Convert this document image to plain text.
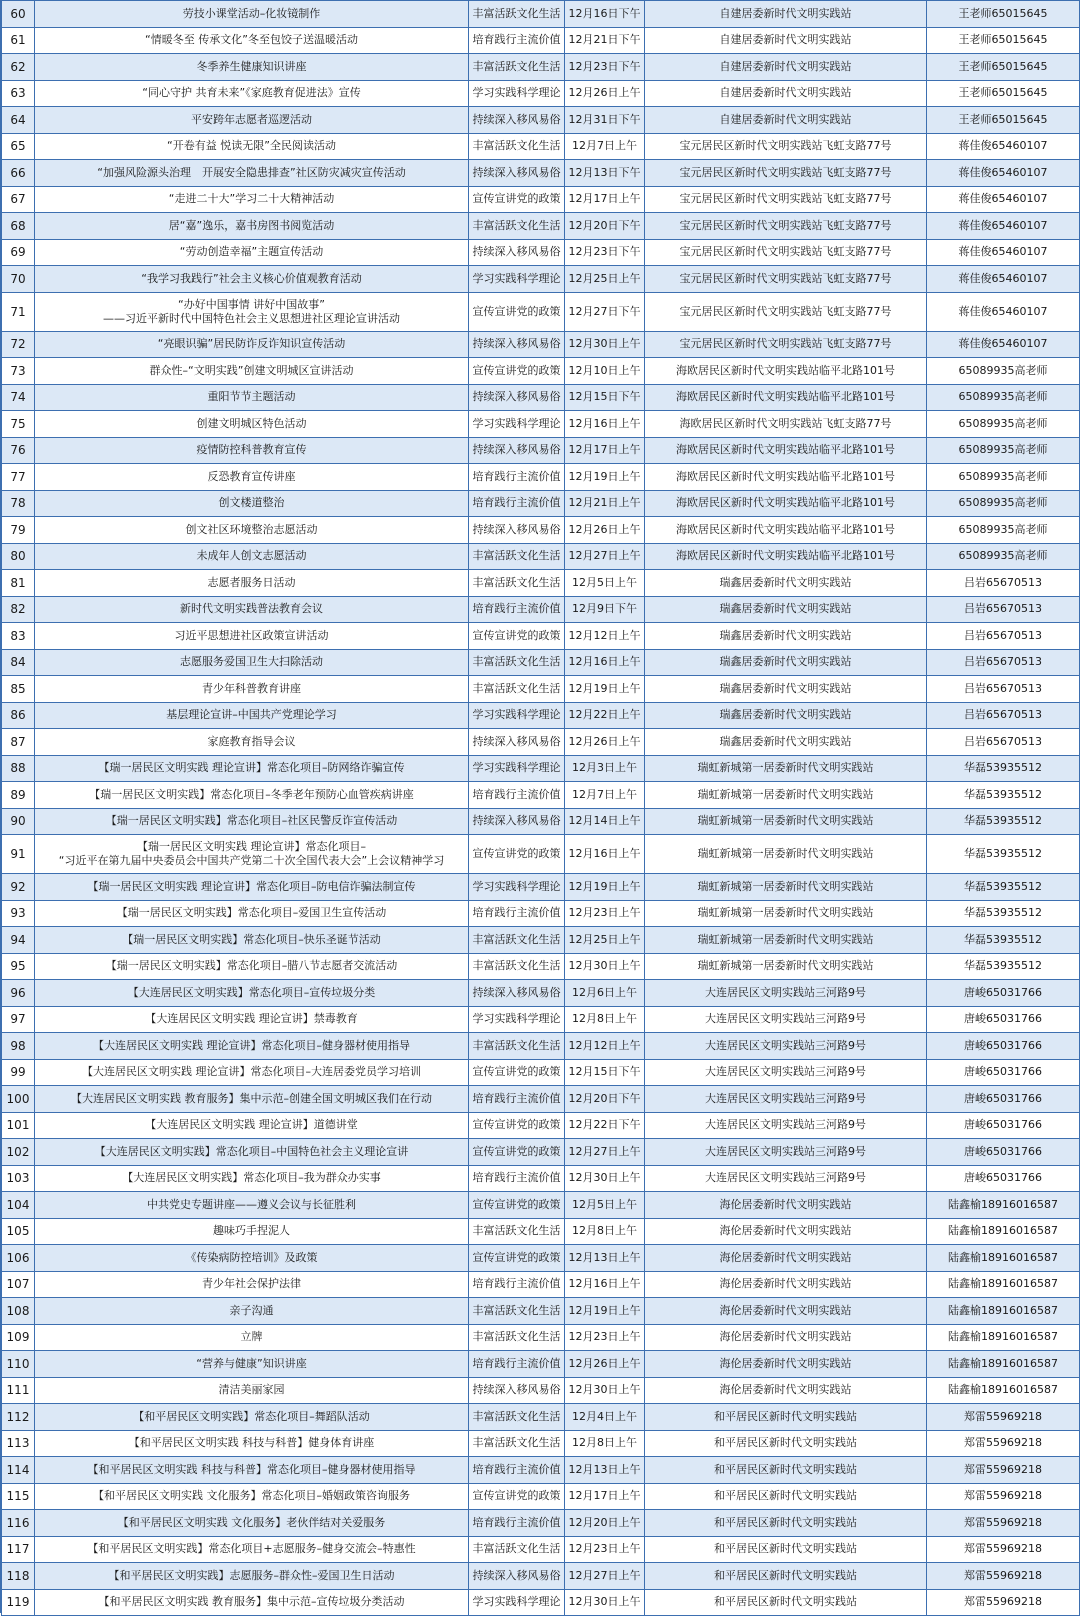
60	劳技小课堂活动–化妆镜制作	丰富活跃文化生活	12月16日下午	自建居委新时代文明实践站	王老师65015645
61	“情暖冬至 传承文化”冬至包饺子送温暖活动	培育践行主流价值	12月21日下午	自建居委新时代文明实践站	王老师65015645
62	冬季养生健康知识讲座	丰富活跃文化生活	12月23日下午	自建居委新时代文明实践站	王老师65015645
63	“同心守护 共育未来”《家庭教育促进法》宣传	学习实践科学理论	12月26日上午	自建居委新时代文明实践站	王老师65015645
64	平安跨年志愿者巡逻活动	持续深入移风易俗	12月31日下午	自建居委新时代文明实践站	王老师65015645
65	“开卷有益 悦读无限”全民阅读活动	丰富活跃文化生活	12月7日上午	宝元居民区新时代文明实践站飞虹支路77号	蒋佳俊65460107
66	“加强风险源头治理　开展安全隐患排查”社区防灾减灾宣传活动	持续深入移风易俗	12月13日下午	宝元居民区新时代文明实践站飞虹支路77号	蒋佳俊65460107
67	“走进二十大”学习二十大精神活动	宣传宣讲党的政策	12月17日上午	宝元居民区新时代文明实践站飞虹支路77号	蒋佳俊65460107
68	居“嘉”逸乐，嘉书房图书阅览活动	丰富活跃文化生活	12月20日下午	宝元居民区新时代文明实践站飞虹支路77号	蒋佳俊65460107
69	“劳动创造幸福”主题宣传活动	持续深入移风易俗	12月23日下午	宝元居民区新时代文明实践站飞虹支路77号	蒋佳俊65460107
70	“我学习我践行”社会主义核心价值观教育活动	学习实践科学理论	12月25日上午	宝元居民区新时代文明实践站飞虹支路77号	蒋佳俊65460107
71	“办好中国事情 讲好中国故事”
——习近平新时代中国特色社会主义思想进社区理论宣讲活动	宣传宣讲党的政策	12月27日下午	宝元居民区新时代文明实践站飞虹支路77号	蒋佳俊65460107
72	“亮眼识骗”居民防诈反诈知识宣传活动	持续深入移风易俗	12月30日上午	宝元居民区新时代文明实践站飞虹支路77号	蒋佳俊65460107
73	群众性–“文明实践”创建文明城区宣讲活动	宣传宣讲党的政策	12月10日上午	海欧居民区新时代文明实践站临平北路101号	65089935高老师
74	重阳节节主题活动	持续深入移风易俗	12月15日下午	海欧居民区新时代文明实践站临平北路101号	65089935高老师
75	创建文明城区特色活动	学习实践科学理论	12月16日上午	海欧居民区新时代文明实践站飞虹支路77号	65089935高老师
76	疫情防控科普教育宣传	持续深入移风易俗	12月17日上午	海欧居民区新时代文明实践站临平北路101号	65089935高老师
77	反恐教育宣传讲座	培育践行主流价值	12月19日上午	海欧居民区新时代文明实践站临平北路101号	65089935高老师
78	创文楼道整治	培育践行主流价值	12月21日上午	海欧居民区新时代文明实践站临平北路101号	65089935高老师
79	创文社区环境整治志愿活动	持续深入移风易俗	12月26日上午	海欧居民区新时代文明实践站临平北路101号	65089935高老师
80	未成年人创文志愿活动	丰富活跃文化生活	12月27日上午	海欧居民区新时代文明实践站临平北路101号	65089935高老师
81	志愿者服务日活动	丰富活跃文化生活	12月5日上午	瑞鑫居委新时代文明实践站	吕岩65670513
82	新时代文明实践普法教育会议	培育践行主流价值	12月9日下午	瑞鑫居委新时代文明实践站	吕岩65670513
83	习近平思想进社区政策宣讲活动	宣传宣讲党的政策	12月12日上午	瑞鑫居委新时代文明实践站	吕岩65670513
84	志愿服务爱国卫生大扫除活动	丰富活跃文化生活	12月16日上午	瑞鑫居委新时代文明实践站	吕岩65670513
85	青少年科普教育讲座	丰富活跃文化生活	12月19日上午	瑞鑫居委新时代文明实践站	吕岩65670513
86	基层理论宣讲–中国共产党理论学习	学习实践科学理论	12月22日上午	瑞鑫居委新时代文明实践站	吕岩65670513
87	家庭教育指导会议	持续深入移风易俗	12月26日上午	瑞鑫居委新时代文明实践站	吕岩65670513
88	【瑞一居民区文明实践 理论宣讲】常态化项目–防网络诈骗宣传	学习实践科学理论	12月3日上午	瑞虹新城第一居委新时代文明实践站	华磊53935512
89	【瑞一居民区文明实践】常态化项目–冬季老年预防心血管疾病讲座	培育践行主流价值	12月7日上午	瑞虹新城第一居委新时代文明实践站	华磊53935512
90	【瑞一居民区文明实践】常态化项目–社区民警反诈宣传活动	持续深入移风易俗	12月14日上午	瑞虹新城第一居委新时代文明实践站	华磊53935512
91	【瑞一居民区文明实践 理论宣讲】常态化项目–
“习近平在第九届中央委员会中国共产党第二十次全国代表大会”上会议精神学习	宣传宣讲党的政策	12月16日上午	瑞虹新城第一居委新时代文明实践站	华磊53935512
92	【瑞一居民区文明实践 理论宣讲】常态化项目–防电信诈骗法制宣传	学习实践科学理论	12月19日上午	瑞虹新城第一居委新时代文明实践站	华磊53935512
93	【瑞一居民区文明实践】常态化项目–爱国卫生宣传活动	培育践行主流价值	12月23日上午	瑞虹新城第一居委新时代文明实践站	华磊53935512
94	【瑞一居民区文明实践】常态化项目–快乐圣诞节活动	丰富活跃文化生活	12月25日上午	瑞虹新城第一居委新时代文明实践站	华磊53935512
95	【瑞一居民区文明实践】常态化项目–腊八节志愿者交流活动	丰富活跃文化生活	12月30日上午	瑞虹新城第一居委新时代文明实践站	华磊53935512
96	【大连居民区文明实践】常态化项目–宣传垃圾分类	持续深入移风易俗	12月6日上午	大连居民区文明实践站三河路9号	唐峻65031766
97	【大连居民区文明实践 理论宣讲】禁毒教育	学习实践科学理论	12月8日上午	大连居民区文明实践站三河路9号	唐峻65031766
98	【大连居民区文明实践 理论宣讲】常态化项目–健身器材使用指导	丰富活跃文化生活	12月12日上午	大连居民区文明实践站三河路9号	唐峻65031766
99	【大连居民区文明实践 理论宣讲】常态化项目–大连居委党员学习培训	宣传宣讲党的政策	12月15日下午	大连居民区文明实践站三河路9号	唐峻65031766
100	【大连居民区文明实践 教育服务】集中示范–创建全国文明城区我们在行动	培育践行主流价值	12月20日下午	大连居民区文明实践站三河路9号	唐峻65031766
101	【大连居民区文明实践 理论宣讲】道德讲堂	宣传宣讲党的政策	12月22日下午	大连居民区文明实践站三河路9号	唐峻65031766
102	【大连居民区文明实践】常态化项目–中国特色社会主义理论宣讲	宣传宣讲党的政策	12月27日上午	大连居民区文明实践站三河路9号	唐峻65031766
103	【大连居民区文明实践】常态化项目–我为群众办实事	培育践行主流价值	12月30日上午	大连居民区文明实践站三河路9号	唐峻65031766
104	中共党史专题讲座——遵义会议与长征胜利	宣传宣讲党的政策	12月5日上午	海伦居委新时代文明实践站	陆鑫榆18916016587
105	趣味巧手捏泥人	丰富活跃文化生活	12月8日上午	海伦居委新时代文明实践站	陆鑫榆18916016587
106	《传染病防控培训》及政策	宣传宣讲党的政策	12月13日上午	海伦居委新时代文明实践站	陆鑫榆18916016587
107	青少年社会保护法律	培育践行主流价值	12月16日上午	海伦居委新时代文明实践站	陆鑫榆18916016587
108	亲子沟通	丰富活跃文化生活	12月19日上午	海伦居委新时代文明实践站	陆鑫榆18916016587
109	立牌	丰富活跃文化生活	12月23日上午	海伦居委新时代文明实践站	陆鑫榆18916016587
110	“营养与健康”知识讲座	培育践行主流价值	12月26日上午	海伦居委新时代文明实践站	陆鑫榆18916016587
111	清洁美丽家园	持续深入移风易俗	12月30日上午	海伦居委新时代文明实践站	陆鑫榆18916016587
112	【和平居民区文明实践】常态化项目–舞蹈队活动	丰富活跃文化生活	12月4日上午	和平居民区新时代文明实践站	郑雷55969218
113	【和平居民区文明实践 科技与科普】健身体育讲座	丰富活跃文化生活	12月8日上午	和平居民区新时代文明实践站	郑雷55969218
114	【和平居民区文明实践 科技与科普】常态化项目–健身器材使用指导	培育践行主流价值	12月13日上午	和平居民区新时代文明实践站	郑雷55969218
115	【和平居民区文明实践 文化服务】常态化项目–婚姻政策咨询服务	宣传宣讲党的政策	12月17日上午	和平居民区新时代文明实践站	郑雷55969218
116	【和平居民区文明实践 文化服务】老伙伴结对关爱服务	培育践行主流价值	12月20日上午	和平居民区新时代文明实践站	郑雷55969218
117	【和平居民区文明实践】常态化项目+志愿服务–健身交流会–特惠性	丰富活跃文化生活	12月23日上午	和平居民区新时代文明实践站	郑雷55969218
118	【和平居民区文明实践】志愿服务–群众性–爱国卫生日活动	持续深入移风易俗	12月27日上午	和平居民区新时代文明实践站	郑雷55969218
119	【和平居民区文明实践 教育服务】集中示范–宣传垃圾分类活动	学习实践科学理论	12月30日上午	和平居民区新时代文明实践站	郑雷55969218
